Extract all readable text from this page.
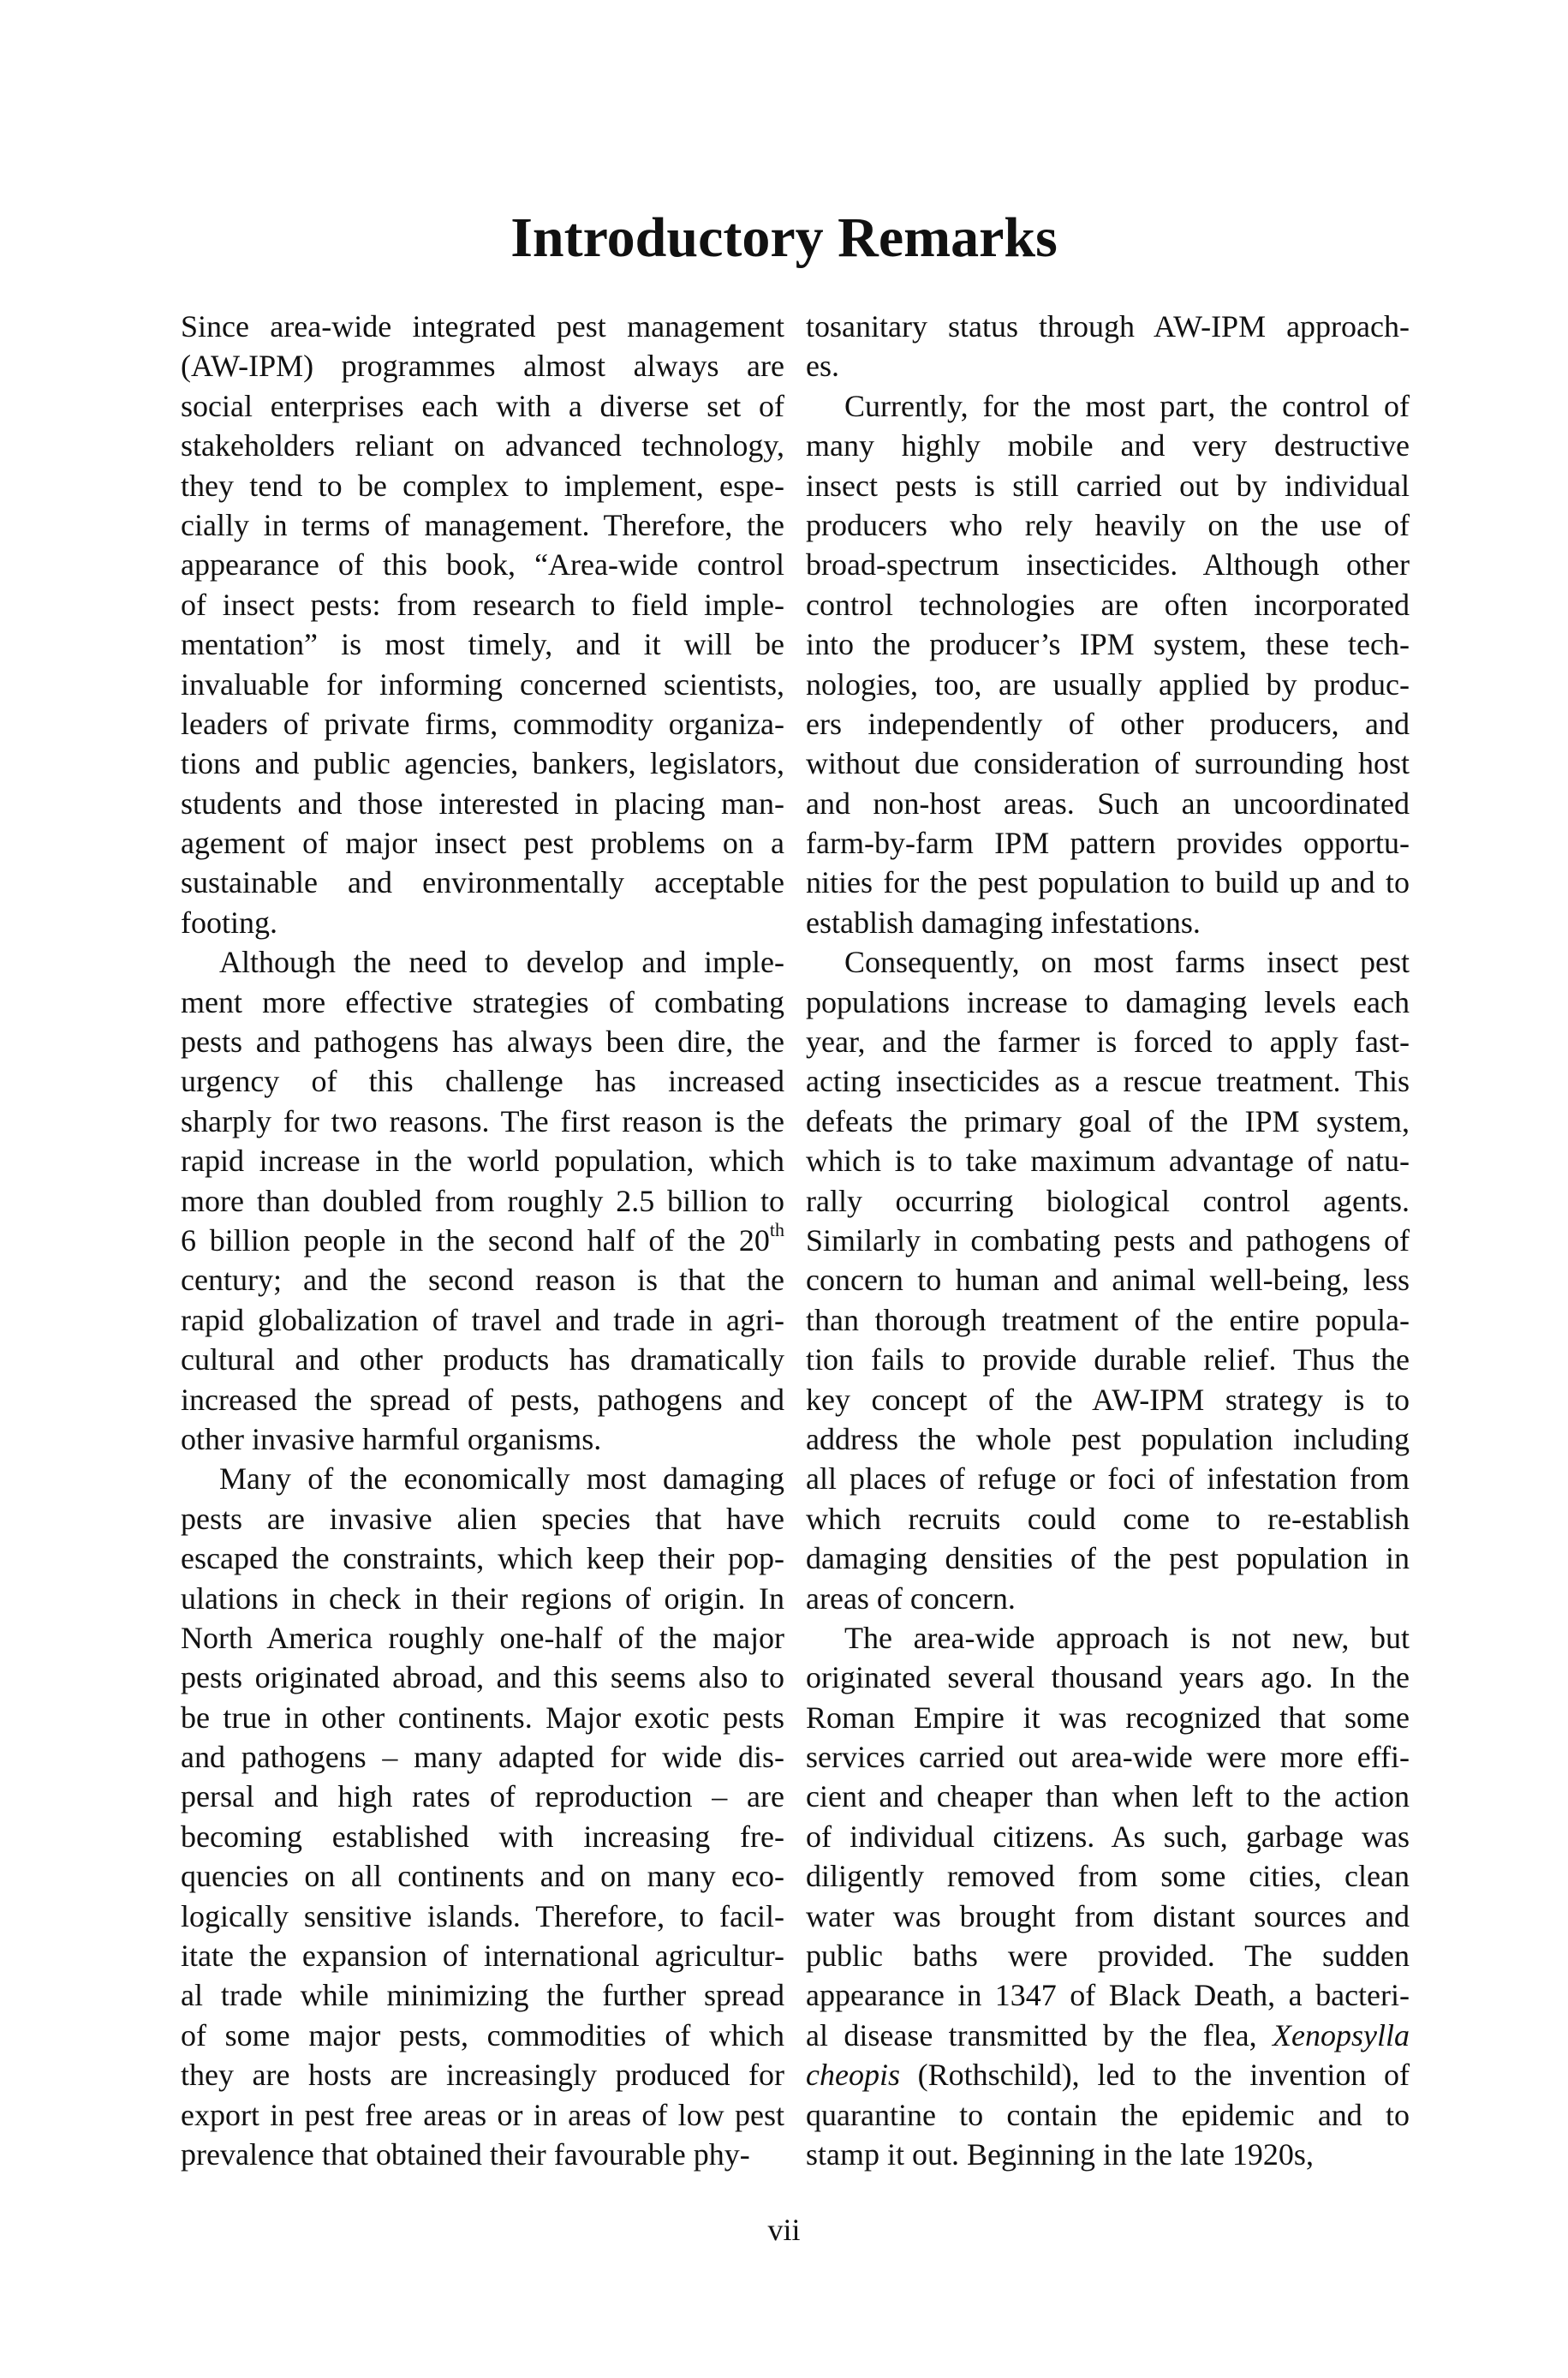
Introductory Remarks

Since area-wide integrated pest management
(AW-IPM) programmes almost always are
social enterprises each with a diverse set of
stakeholders reliant on advanced technology,
they tend to be complex to implement, espe-
cially in terms of management. Therefore, the
appearance of this book, “Area-wide control
of insect pests: from research to field imple-
mentation” is most timely, and it will be
invaluable for informing concerned scientists,
leaders of private firms, commodity organiza-
tions and public agencies, bankers, legislators,
students and those interested in placing man-
agement of major insect pest problems on a
sustainable and environmentally acceptable
footing.

Although the need to develop and imple-
ment more effective strategies of combating
pests and pathogens has always been dire, the
urgency of this challenge has increased
sharply for two reasons. The first reason is the
rapid increase in the world population, which
more than doubled from roughly 2.5 billion to
6 billion people in the second half of the 20th
century; and the second reason is that the
rapid globalization of travel and trade in agri-
cultural and other products has dramatically
increased the spread of pests, pathogens and
other invasive harmful organisms.

Many of the economically most damaging
pests are invasive alien species that have
escaped the constraints, which keep their pop-
ulations in check in their regions of origin. In
North America roughly one-half of the major
pests originated abroad, and this seems also to
be true in other continents. Major exotic pests
and pathogens – many adapted for wide dis-
persal and high rates of reproduction – are
becoming established with increasing fre-
quencies on all continents and on many eco-
logically sensitive islands. Therefore, to facil-
itate the expansion of international agricultur-
al trade while minimizing the further spread
of some major pests, commodities of which
they are hosts are increasingly produced for
export in pest free areas or in areas of low pest
prevalence that obtained their favourable phy-

tosanitary status through AW-IPM approach-
es.

Currently, for the most part, the control of
many highly mobile and very destructive
insect pests is still carried out by individual
producers who rely heavily on the use of
broad-spectrum insecticides. Although other
control technologies are often incorporated
into the producer’s IPM system, these tech-
nologies, too, are usually applied by produc-
ers independently of other producers, and
without due consideration of surrounding host
and non-host areas. Such an uncoordinated
farm-by-farm IPM pattern provides opportu-
nities for the pest population to build up and to
establish damaging infestations.

Consequently, on most farms insect pest
populations increase to damaging levels each
year, and the farmer is forced to apply fast-
acting insecticides as a rescue treatment. This
defeats the primary goal of the IPM system,
which is to take maximum advantage of natu-
rally occurring biological control agents.
Similarly in combating pests and pathogens of
concern to human and animal well-being, less
than thorough treatment of the entire popula-
tion fails to provide durable relief. Thus the
key concept of the AW-IPM strategy is to
address the whole pest population including
all places of refuge or foci of infestation from
which recruits could come to re-establish
damaging densities of the pest population in
areas of concern.

The area-wide approach is not new, but
originated several thousand years ago. In the
Roman Empire it was recognized that some
services carried out area-wide were more effi-
cient and cheaper than when left to the action
of individual citizens. As such, garbage was
diligently removed from some cities, clean
water was brought from distant sources and
public baths were provided. The sudden
appearance in 1347 of Black Death, a bacteri-
al disease transmitted by the flea, Xenopsylla
cheopis (Rothschild), led to the invention of
quarantine to contain the epidemic and to
stamp it out. Beginning in the late 1920s,

vii
